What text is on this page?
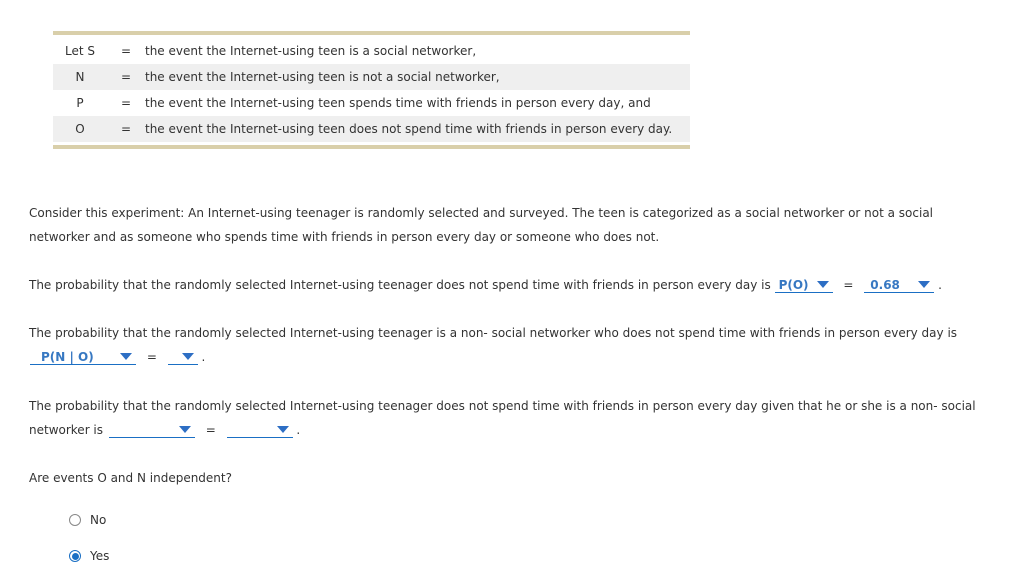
Let S	=	the event the Internet-using teen is a social networker,
N	=	the event the Internet-using teen is not a social networker,
P	=	the event the Internet-using teen spends time with friends in person every day, and
O	=	the event the Internet-using teen does not spend time with friends in person every day.
Consider this experiment: An Internet-using teenager is randomly selected and surveyed. The teen is categorized as a social networker or not a social networker and as someone who spends time with friends in person every day or someone who does not.
The probability that the randomly selected Internet-using teenager does not spend time with friends in person every day is P(O)	= 0.68	.
The probability that the randomly selected Internet-using teenager is a non- social networker who does not spend time with friends in person every day is P(N | O)	=	.
The probability that the randomly selected Internet-using teenager does not spend time with friends in person every day given that he or she is a non- social networker is	=	.
Are events O and N independent?
No
Yes
